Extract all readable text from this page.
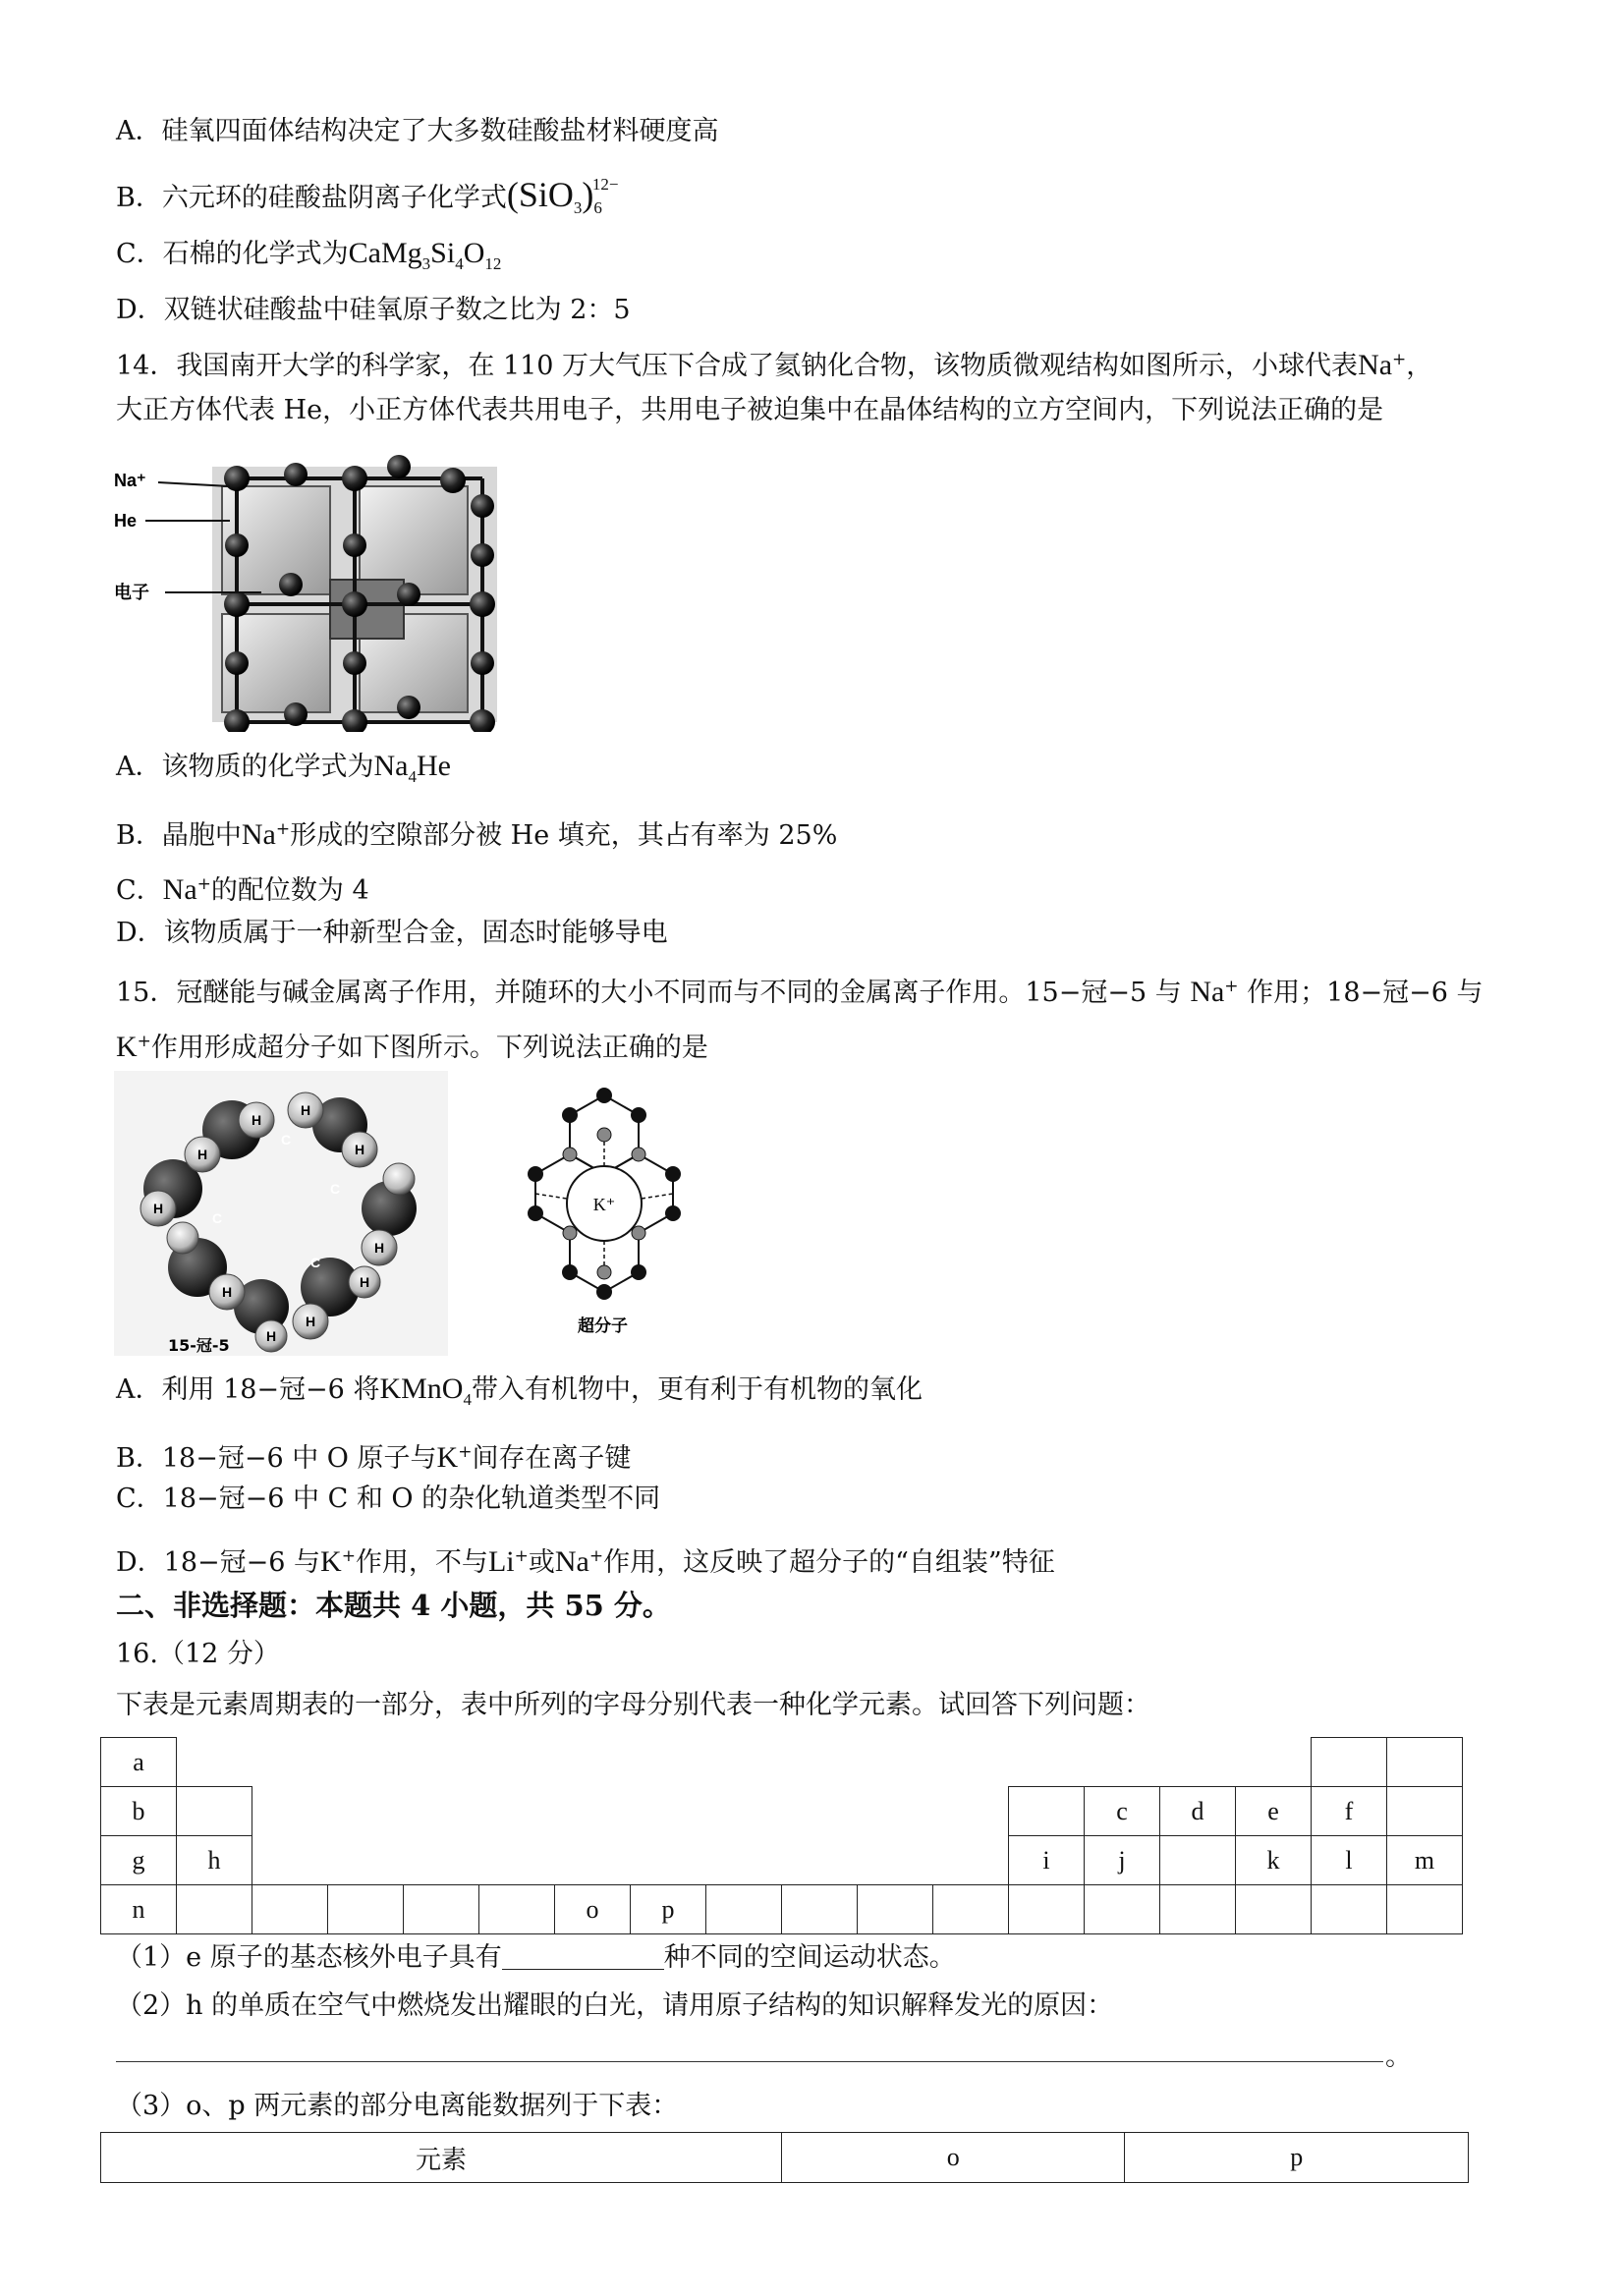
A．硅氧四面体结构决定了大多数硅酸盐材料硬度高
B．六元环的硅酸盐阴离子化学式$(SiO_3)_6^{12-}$
C．石棉的化学式为$CaMg_3Si_4O_{12}$
D．双链状硅酸盐中硅氧原子数之比为 2：5
14．我国南开大学的科学家，在 110 万大气压下合成了氦钠化合物，该物质微观结构如图所示，小球代表Na+，
大正方体代表 He，小正方体代表共用电子，共用电子被迫集中在晶体结构的立方空间内，下列说法正确的是
Na⁺
He
电子
A．该物质的化学式为$Na_4He$
B．晶胞中Na+形成的空隙部分被 He 填充，其占有率为 25%
C．Na+的配位数为 4
D．该物质属于一种新型合金，固态时能够导电
15．冠醚能与碱金属离子作用，并随环的大小不同而与不同的金属离子作用。15−冠−5 与 Na+ 作用；18−冠−6 与
K+作用形成超分子如下图所示。下列说法正确的是
H
H
H
H
H
H
H
H
H
H
C
C
C
C
15-冠-5
K⁺
超分子
A．利用 18−冠−6 将KMnO$_4$带入有机物中，更有利于有机物的氧化
B．18−冠−6 中 O 原子与K+间存在离子键
C．18−冠−6 中 C 和 O 的杂化轨道类型不同
D．18−冠−6 与K+作用，不与Li+或Na+作用，这反映了超分子的“自组装”特征
二、非选择题：本题共 4 小题，共 55 分。
16.（12 分）
下表是元素周期表的一部分，表中所列的字母分别代表一种化学元素。试回答下列问题：
a																	
b													c	d	e	f	
g	h											i	j		k	l	m
n						o	p										
（1）e 原子的基态核外电子具有	种不同的空间运动状态。
（2）h 的单质在空气中燃烧发出耀眼的白光，请用原子结构的知识解释发光的原因：
。
（3）o、p 两元素的部分电离能数据列于下表：
元素	o	p
